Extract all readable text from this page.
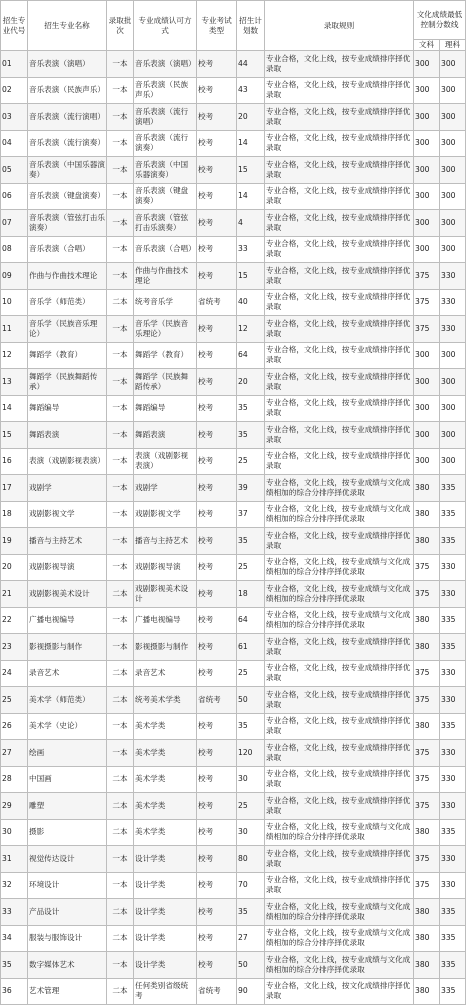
招生专业代号	招生专业名称	录取批次	专业成绩认可方式	专业考试类型	招生计划数	录取规则	文化成绩最低控制分数线	
							文科	理科
01	音乐表演（演唱）	一本	音乐表演（演唱）	校考	44	专业合格，文化上线，按专业成绩排序择优录取	300	300
02	音乐表演（民族声乐）	一本	音乐表演（民族声乐）	校考	43	专业合格，文化上线，按专业成绩排序择优录取	300	300
03	音乐表演（流行演唱）	一本	音乐表演（流行演唱）	校考	20	专业合格，文化上线，按专业成绩排序择优录取	300	300
04	音乐表演（流行演奏）	一本	音乐表演（流行演奏）	校考	14	专业合格，文化上线，按专业成绩排序择优录取	300	300
05	音乐表演（中国乐器演奏）	一本	音乐表演（中国乐器演奏）	校考	15	专业合格，文化上线，按专业成绩排序择优录取	300	300
06	音乐表演（键盘演奏）	一本	音乐表演（键盘演奏）	校考	14	专业合格，文化上线，按专业成绩排序择优录取	300	300
07	音乐表演（管弦打击乐演奏）	一本	音乐表演（管弦打击乐演奏）	校考	4	专业合格，文化上线，按专业成绩排序择优录取	300	300
08	音乐表演（合唱）	一本	音乐表演（合唱）	校考	33	专业合格，文化上线，按专业成绩排序择优录取	300	300
09	作曲与作曲技术理论	一本	作曲与作曲技术理论	校考	15	专业合格，文化上线，按专业成绩排序择优录取	375	330
10	音乐学（师范类）	二本	统考音乐学	省统考	40	专业合格，文化上线，按专业成绩排序择优录取	375	330
11	音乐学（民族音乐理论）	一本	音乐学（民族音乐理论）	校考	12	专业合格，文化上线，按专业成绩排序择优录取	375	330
12	舞蹈学（教育）	一本	舞蹈学（教育）	校考	64	专业合格，文化上线，按专业成绩排序择优录取	300	300
13	舞蹈学（民族舞蹈传承）	一本	舞蹈学（民族舞蹈传承）	校考	20	专业合格，文化上线，按专业成绩排序择优录取	300	300
14	舞蹈编导	一本	舞蹈编导	校考	35	专业合格，文化上线，按专业成绩排序择优录取	300	300
15	舞蹈表演	一本	舞蹈表演	校考	35	专业合格，文化上线，按专业成绩排序择优录取	300	300
16	表演（戏剧影视表演）	一本	表演（戏剧影视表演）	校考	25	专业合格，文化上线，按专业成绩排序择优录取	300	300
17	戏剧学	一本	戏剧学	校考	39	专业合格，文化上线，按专业成绩与文化成绩相加的综合分排序择优录取	380	335
18	戏剧影视文学	一本	戏剧影视文学	校考	37	专业合格，文化上线，按专业成绩与文化成绩相加的综合分排序择优录取	380	335
19	播音与主持艺术	一本	播音与主持艺术	校考	35	专业合格，文化上线，按专业成绩排序择优录取	380	335
20	戏剧影视导演	一本	戏剧影视导演	校考	25	专业合格，文化上线，按专业成绩与文化成绩相加的综合分排序择优录取	375	330
21	戏剧影视美术设计	二本	戏剧影视美术设计	校考	18	专业合格，文化上线，按专业成绩与文化成绩相加的综合分排序择优录取	375	330
22	广播电视编导	一本	广播电视编导	校考	64	专业合格，文化上线，按专业成绩与文化成绩相加的综合分排序择优录取	380	335
23	影视摄影与制作	一本	影视摄影与制作	校考	61	专业合格，文化上线，按专业成绩排序择优录取	380	335
24	录音艺术	二本	录音艺术	校考	25	专业合格，文化上线，按专业成绩排序择优录取	375	330
25	美术学（师范类）	二本	统考美术学类	省统考	50	专业合格，文化上线，按专业成绩排序择优录取	375	330
26	美术学（史论）	一本	美术学类	校考	35	专业合格，文化上线，按专业成绩排序择优录取	380	335
27	绘画	一本	美术学类	校考	120	专业合格，文化上线，按专业成绩排序择优录取	375	330
28	中国画	二本	美术学类	校考	30	专业合格，文化上线，按专业成绩排序择优录取	375	330
29	雕塑	二本	美术学类	校考	25	专业合格，文化上线，按专业成绩排序择优录取	375	330
30	摄影	二本	美术学类	校考	30	专业合格，文化上线，按专业成绩与文化成绩相加的综合分排序择优录取	380	335
31	视觉传达设计	一本	设计学类	校考	80	专业合格，文化上线，按专业成绩排序择优录取	375	330
32	环境设计	一本	设计学类	校考	70	专业合格，文化上线，按专业成绩排序择优录取	375	330
33	产品设计	二本	设计学类	校考	35	专业合格，文化上线，按专业成绩与文化成绩相加的综合分排序择优录取	380	335
34	服装与服饰设计	二本	设计学类	校考	27	专业合格，文化上线，按专业成绩与文化成绩相加的综合分排序择优录取	380	335
35	数字媒体艺术	一本	设计学类	校考	50	专业合格，文化上线，按专业成绩与文化成绩相加的综合分排序择优录取	380	335
36	艺术管理	二本	任何类别省级统考	省统考	90	专业合格，文化上线，按文化成绩排序择优录取	380	335
